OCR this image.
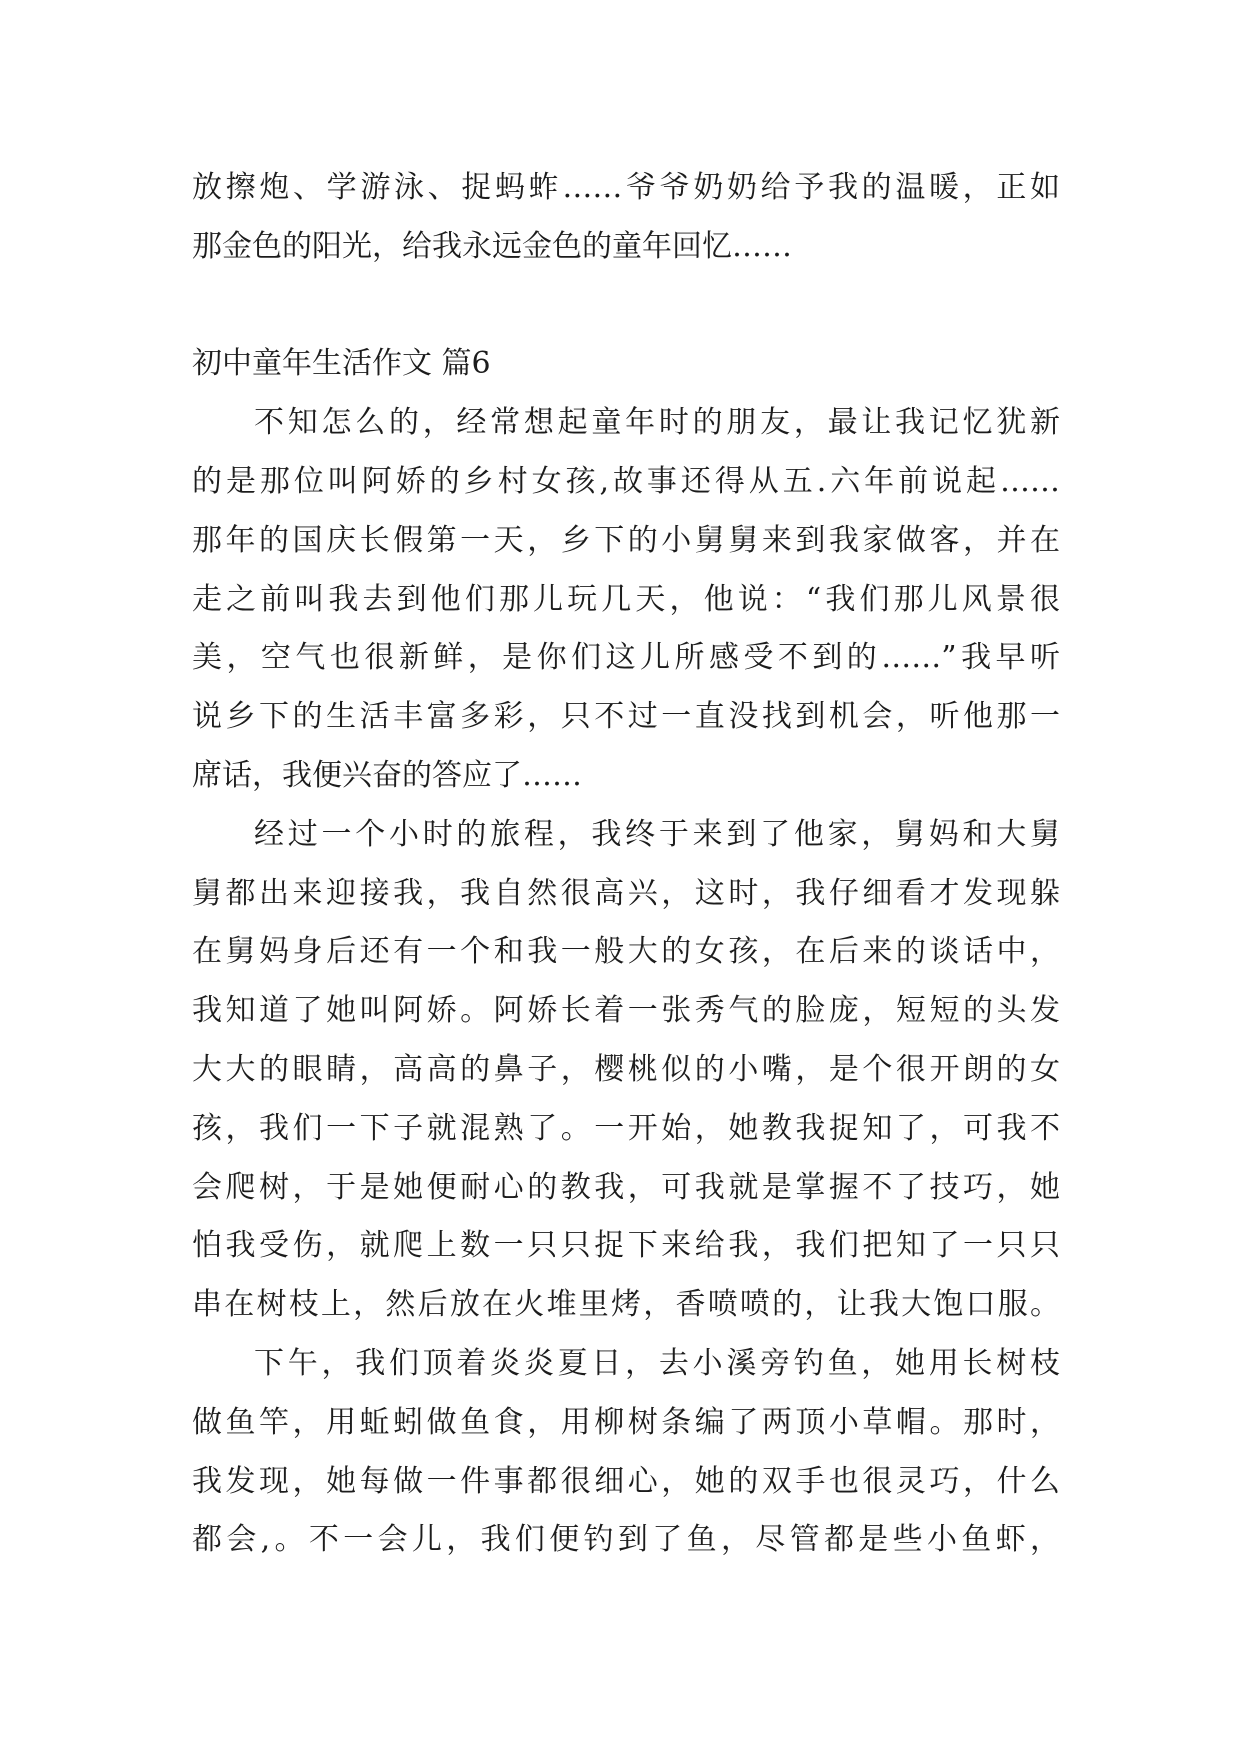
放擦炮、学游泳、捉蚂蚱……爷爷奶奶给予我的温暖，正如
那金色的阳光，给我永远金色的童年回忆……
初中童年生活作文 篇6
不知怎么的，经常想起童年时的朋友，最让我记忆犹新
的是那位叫阿娇的乡村女孩,故事还得从五.六年前说起……
那年的国庆长假第一天，乡下的小舅舅来到我家做客，并在
走之前叫我去到他们那儿玩几天，他说：“我们那儿风景很
美，空气也很新鲜，是你们这儿所感受不到的……”我早听
说乡下的生活丰富多彩，只不过一直没找到机会，听他那一
席话，我便兴奋的答应了……
经过一个小时的旅程，我终于来到了他家，舅妈和大舅
舅都出来迎接我，我自然很高兴，这时，我仔细看才发现躲
在舅妈身后还有一个和我一般大的女孩，在后来的谈话中，
我知道了她叫阿娇。阿娇长着一张秀气的脸庞，短短的头发
大大的眼睛，高高的鼻子，樱桃似的小嘴，是个很开朗的女
孩，我们一下子就混熟了。一开始，她教我捉知了，可我不
会爬树，于是她便耐心的教我，可我就是掌握不了技巧，她
怕我受伤，就爬上数一只只捉下来给我，我们把知了一只只
串在树枝上，然后放在火堆里烤，香喷喷的，让我大饱口服。
下午，我们顶着炎炎夏日，去小溪旁钓鱼，她用长树枝
做鱼竿，用蚯蚓做鱼食，用柳树条编了两顶小草帽。那时，
我发现，她每做一件事都很细心，她的双手也很灵巧，什么
都会,。不一会儿，我们便钓到了鱼，尽管都是些小鱼虾，
